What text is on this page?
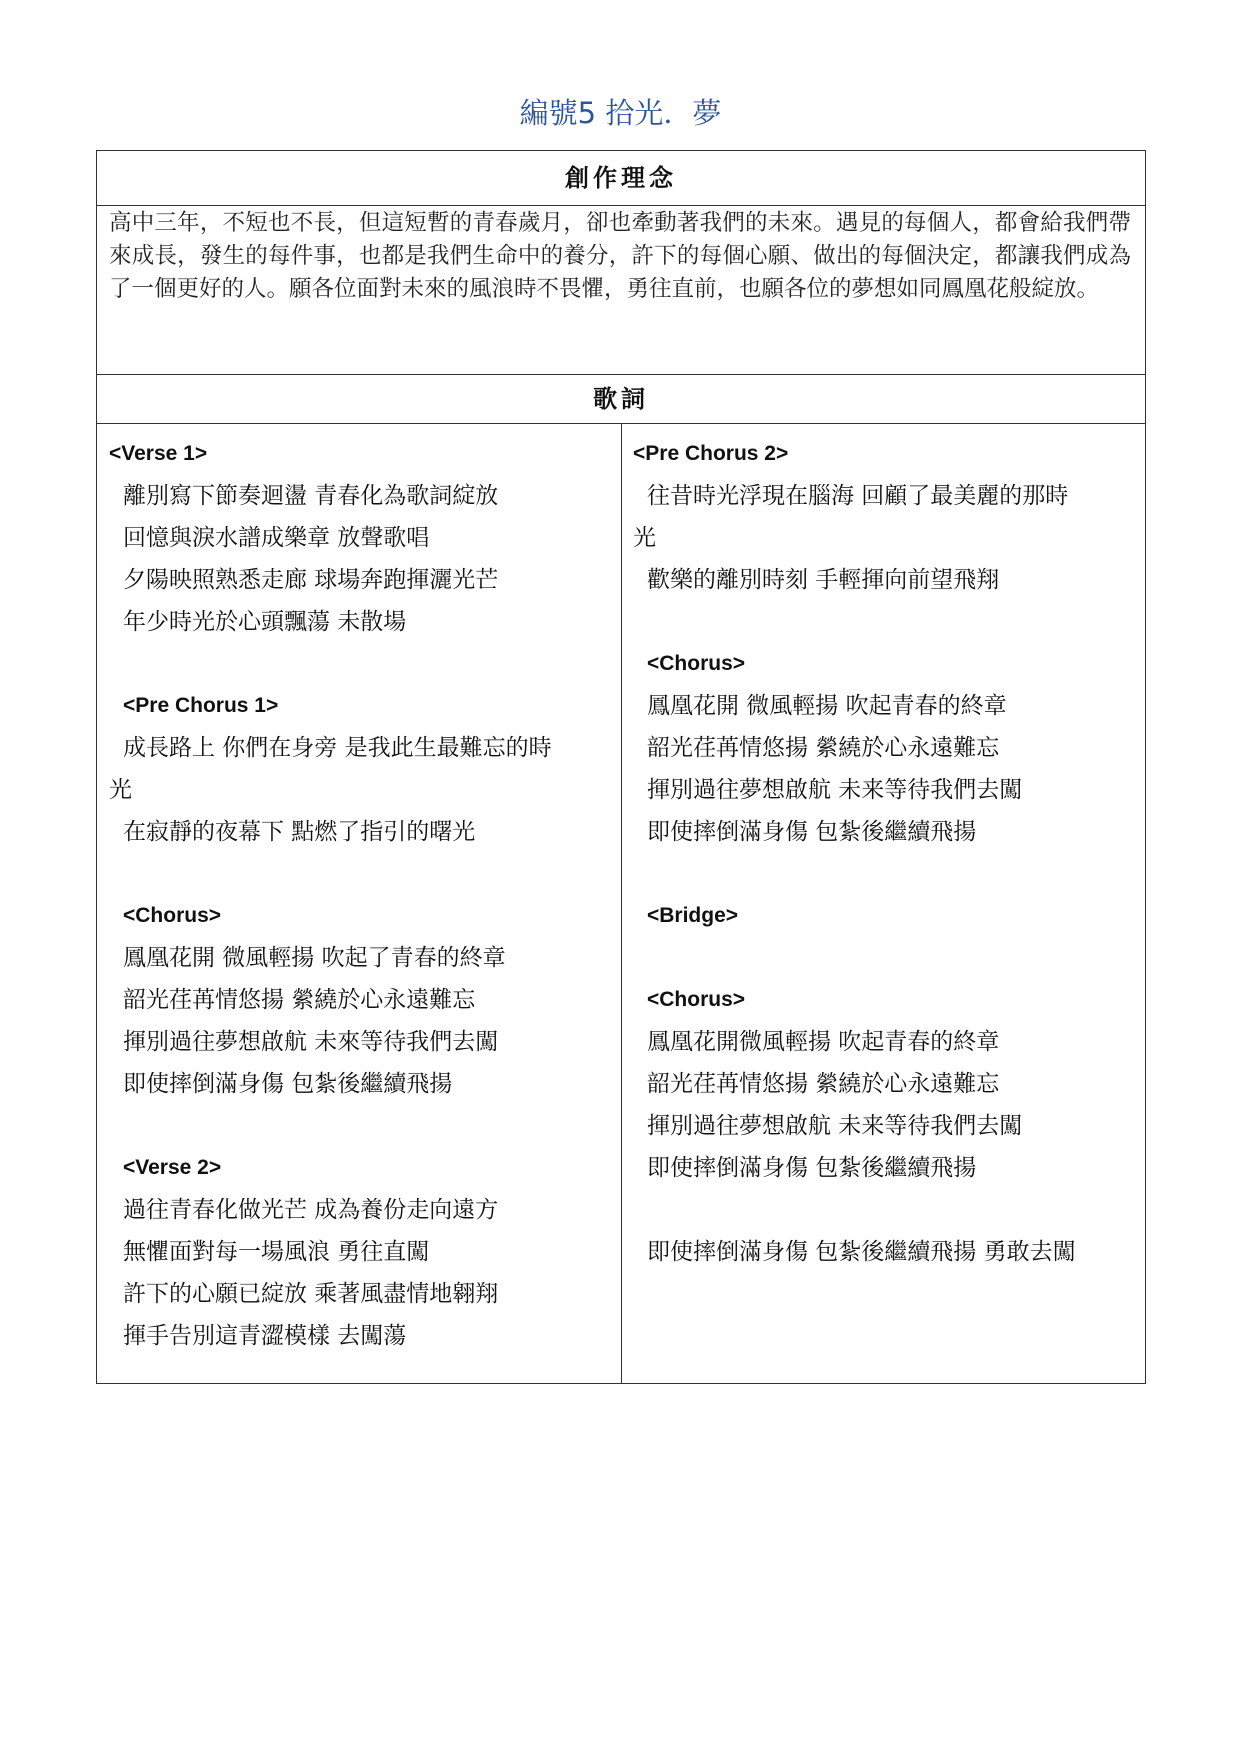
編號5 拾光．夢
創作理念
高中三年，不短也不長，但這短暫的青春歲月，卻也牽動著我們的未來。遇見的每個人，都會給我們帶來成長，發生的每件事，也都是我們生命中的養分，許下的每個心願、做出的每個決定，都讓我們成為了一個更好的人。願各位面對未來的風浪時不畏懼，勇往直前，也願各位的夢想如同鳳凰花般綻放。
歌詞
<Verse 1>
離別寫下節奏迴盪 青春化為歌詞綻放
回憶與淚水譜成樂章 放聲歌唱
夕陽映照熟悉走廊 球場奔跑揮灑光芒
年少時光於心頭飄蕩 未散場
<Pre Chorus 1>
成長路上 你們在身旁 是我此生最難忘的時
光
在寂靜的夜幕下 點燃了指引的曙光
<Chorus>
鳳凰花開 微風輕揚 吹起了青春的終章
韶光荏苒情悠揚 縈繞於心永遠難忘
揮別過往夢想啟航 未來等待我們去闖
即使摔倒滿身傷 包紮後繼續飛揚
<Verse 2>
過往青春化做光芒 成為養份走向遠方
無懼面對每一場風浪 勇往直闖
許下的心願已綻放 乘著風盡情地翱翔
揮手告別這青澀模樣 去闖蕩
<Pre Chorus 2>
往昔時光浮現在腦海 回顧了最美麗的那時
光
歡樂的離別時刻 手輕揮向前望飛翔
<Chorus>
鳳凰花開 微風輕揚 吹起青春的終章
韶光荏苒情悠揚 縈繞於心永遠難忘
揮別過往夢想啟航 未来等待我們去闖
即使摔倒滿身傷 包紮後繼續飛揚
<Bridge>
<Chorus>
鳳凰花開微風輕揚 吹起青春的終章
韶光荏苒情悠揚 縈繞於心永遠難忘
揮別過往夢想啟航 未来等待我們去闖
即使摔倒滿身傷 包紮後繼續飛揚
即使摔倒滿身傷 包紮後繼續飛揚 勇敢去闖
